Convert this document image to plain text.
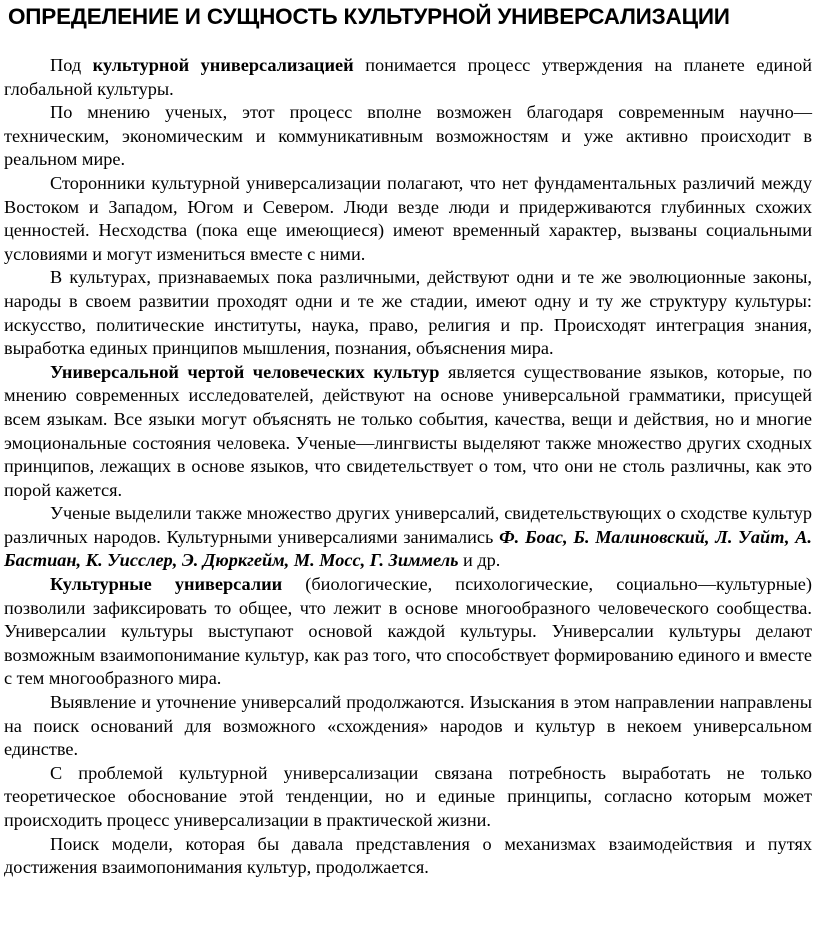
ОПРЕДЕЛЕНИЕ И СУЩНОСТЬ КУЛЬТУРНОЙ УНИВЕРСАЛИЗАЦИИ

Под культурной универсализацией понимается процесс утверждения на планете единой глобальной культуры.

По мнению ученых, этот процесс вполне возможен благодаря современным научно—техническим, экономическим и коммуникативным возможностям и уже активно происходит в реальном мире.

Сторонники культурной универсализации полагают, что нет фундаментальных различий между Востоком и Западом, Югом и Севером. Люди везде люди и придерживаются глубинных схожих ценностей. Несходства (пока еще имеющиеся) имеют временный характер, вызваны социальными условиями и могут измениться вместе с ними.

В культурах, признаваемых пока различными, действуют одни и те же эволюционные законы, народы в своем развитии проходят одни и те же стадии, имеют одну и ту же структуру культуры: искусство, политические институты, наука, право, религия и пр. Происходят интеграция знания, выработка единых принципов мышления, познания, объяснения мира.

Универсальной чертой человеческих культур является существование языков, которые, по мнению современных исследователей, действуют на основе универсальной грамматики, присущей всем языкам. Все языки могут объяснять не только события, качества, вещи и действия, но и многие эмоциональные состояния человека. Ученые—лингвисты выделяют также множество других сходных принципов, лежащих в основе языков, что свидетельствует о том, что они не столь различны, как это порой кажется.

Ученые выделили также множество других универсалий, свидетельствующих о сходстве культур различных народов. Культурными универсалиями занимались Ф. Боас, Б. Малиновский, Л. Уайт, А. Бастиан, К. Уисслер, Э. Дюркгейм, М. Мосс, Г. Зиммель и др.

Культурные универсалии (биологические, психологические, социально—культурные) позволили зафиксировать то общее, что лежит в основе многообразного человеческого сообщества. Универсалии культуры выступают основой каждой культуры. Универсалии культуры делают возможным взаимопонимание культур, как раз того, что способствует формированию единого и вместе с тем многообразного мира.

Выявление и уточнение универсалий продолжаются. Изыскания в этом направлении направлены на поиск оснований для возможного «схождения» народов и культур в некоем универсальном единстве.

С проблемой культурной универсализации связана потребность выработать не только теоретическое обоснование этой тенденции, но и единые принципы, согласно которым может происходить процесс универсализации в практической жизни.

Поиск модели, которая бы давала представления о механизмах взаимодействия и путях достижения взаимопонимания культур, продолжается.
